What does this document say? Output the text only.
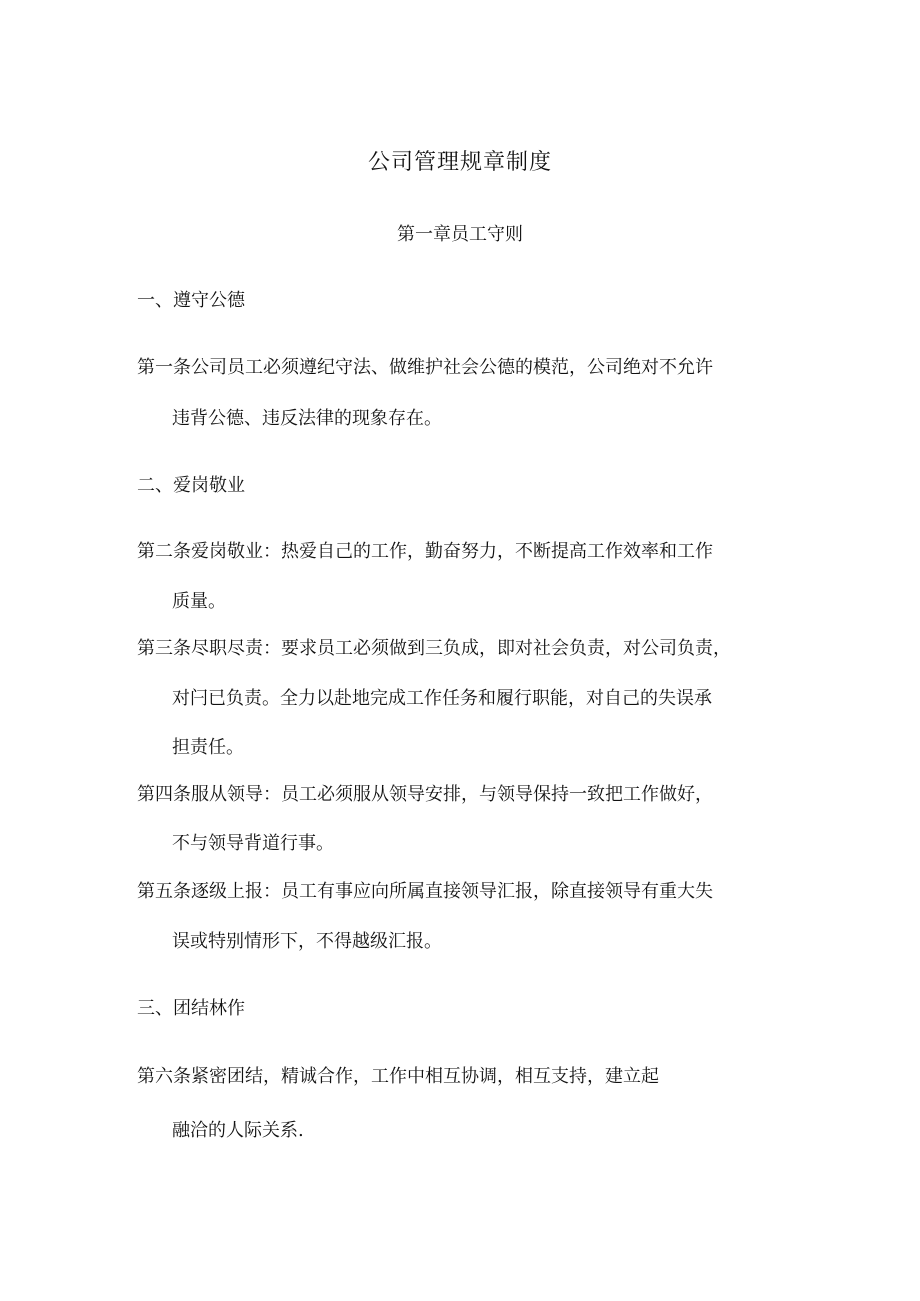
公司管理规章制度
第一章员工守则
一、遵守公德
第一条公司员工必须遵纪守法、做维护社会公德的模范，公司绝对不允许
违背公德、违反法律的现象存在。
二、爱岗敬业
第二条爱岗敬业：热爱自己的工作，勤奋努力，不断提高工作效率和工作
质量。
第三条尽职尽责：要求员工必须做到三负成，即对社会负责，对公司负责，
对闩已负责。全力以赴地完成工作任务和履行职能，对自己的失误承
担责任。
第四条服从领导：员工必须服从领导安排，与领导保持一致把工作做好，
不与领导背道行事。
第五条逐级上报：员工有事应向所属直接领导汇报，除直接领导有重大失
误或特别情形下，不得越级汇报。
三、团结林作
第六条紧密团结，精诚合作，工作中相互协调，相互支持，建立起
融洽的人际关系.
